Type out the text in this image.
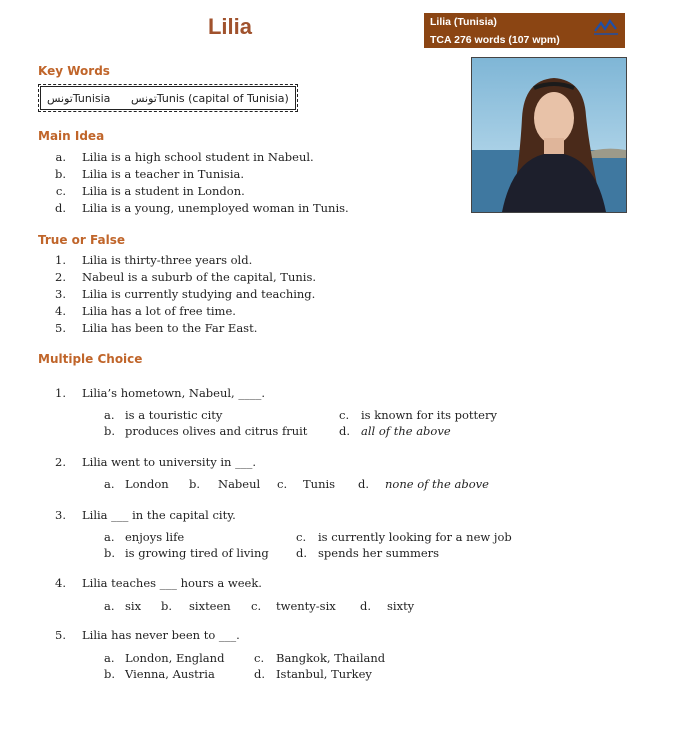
Lilia	Lilia (Tunisia)
TCA 276 words (107 wpm)
Key Words
تونسTunisia تونسTunis (capital of Tunisia)
Main Idea
a. Lilia is a high school student in Nabeul.
b. Lilia is a teacher in Tunisia.
c. Lilia is a student in London.
d. Lilia is a young, unemployed woman in Tunis.
True or False
1. Lilia is thirty-three years old.
2. Nabeul is a suburb of the capital, Tunis.
3. Lilia is currently studying and teaching.
4. Lilia has a lot of free time.
5. Lilia has been to the Far East.
Multiple Choice
1. Lilia’s hometown, Nabeul, ____.
a. is a touristic city
b. produces olives and citrus fruit
c. is known for its pottery
d. all of the above
2. Lilia went to university in ___.
a. London b. Nabeul c. Tunis d. none of the above
3. Lilia ___ in the capital city.
a. enjoys life
b. is growing tired of living
c. is currently looking for a new job
d. spends her summers
4. Lilia teaches ___ hours a week.
a. six b. sixteen c. twenty-six d. sixty
5. Lilia has never been to ___.
a. London, England
b. Vienna, Austria
c. Bangkok, Thailand
d. Istanbul, Turkey
